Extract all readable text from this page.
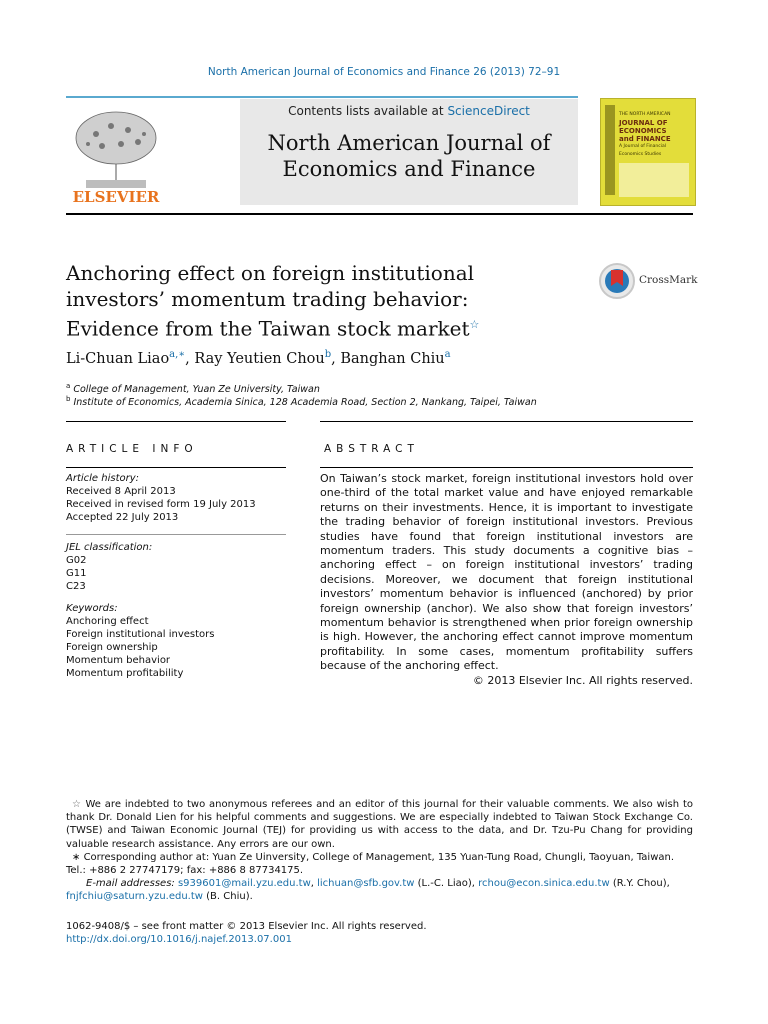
North American Journal of Economics and Finance 26 (2013) 72–91
ELSEVIER
Contents lists available at ScienceDirect
North American Journal of
Economics and Finance
THE NORTH AMERICAN
JOURNAL OF
ECONOMICS
and FINANCE
A Journal of Financial
Economics Studies
Anchoring effect on foreign institutional
investors’ momentum trading behavior:
Evidence from the Taiwan stock market☆
CrossMark
Li-Chuan Liao$^{a,∗}$, Ray Yeutien Chou$^b$, Banghan Chiu$^a$
$^a$ College of Management, Yuan Ze University, Taiwan
$^b$ Institute of Economics, Academia Sinica, 128 Academia Road, Section 2, Nankang, Taipei, Taiwan
ARTICLE INFO	ABSTRACT
Article history:
Received 8 April 2013
Received in revised form 19 July 2013
Accepted 22 July 2013
JEL classification:
G02
G11
C23
Keywords:
Anchoring effect
Foreign institutional investors
Foreign ownership
Momentum behavior
Momentum profitability
On Taiwan’s stock market, foreign institutional investors hold over one-third of the total market value and have enjoyed remarkable returns on their investments. Hence, it is important to investigate the trading behavior of foreign institutional investors. Previous studies have found that foreign institutional investors are momentum traders. This study documents a cognitive bias – anchoring effect – on foreign institutional investors’ trading decisions. Moreover, we document that foreign institutional investors’ momentum behavior is influenced (anchored) by prior foreign ownership (anchor). We also show that foreign investors’ momentum behavior is strengthened when prior foreign ownership is high. However, the anchoring effect cannot improve momentum profitability. In some cases, momentum profitability suffers because of the anchoring effect.
© 2013 Elsevier Inc. All rights reserved.

☆ We are indebted to two anonymous referees and an editor of this journal for their valuable comments. We also wish to thank Dr. Donald Lien for his helpful comments and suggestions. We are especially indebted to Taiwan Stock Exchange Co. (TWSE) and Taiwan Economic Journal (TEJ) for providing us with access to the data, and Dr. Tzu-Pu Chang for providing valuable research assistance. Any errors are our own.

∗ Corresponding author at: Yuan Ze Uinversity, College of Management, 135 Yuan-Tung Road, Chungli, Taoyuan, Taiwan.

Tel.: +886 2 27747179; fax: +886 8 87734175.

E-mail addresses: s939601@mail.yzu.edu.tw, lichuan@sfb.gov.tw (L.-C. Liao), rchou@econ.sinica.edu.tw (R.Y. Chou),

fnjfchiu@saturn.yzu.edu.tw (B. Chiu).

1062-9408/$ – see front matter © 2013 Elsevier Inc. All rights reserved.
http://dx.doi.org/10.1016/j.najef.2013.07.001
